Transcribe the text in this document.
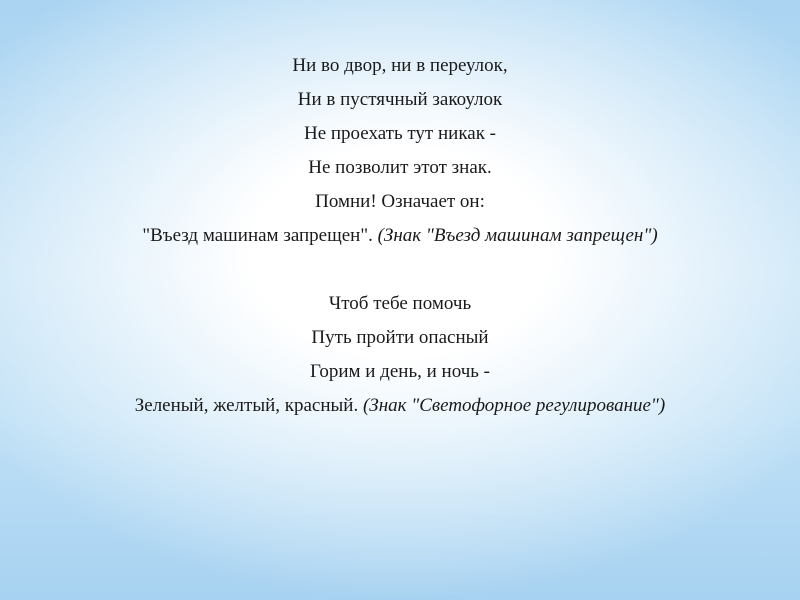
Ни во двор, ни в переулок,
Ни в пустячный закоулок
Не проехать тут никак -
Не позволит этот знак.
Помни! Означает он:
"Въезд машинам запрещен". (Знак "Въезд машинам запрещен")
Чтоб тебе помочь
Путь пройти опасный
Горим и день, и ночь -
Зеленый, желтый, красный. (Знак "Светофорное регулирование")
